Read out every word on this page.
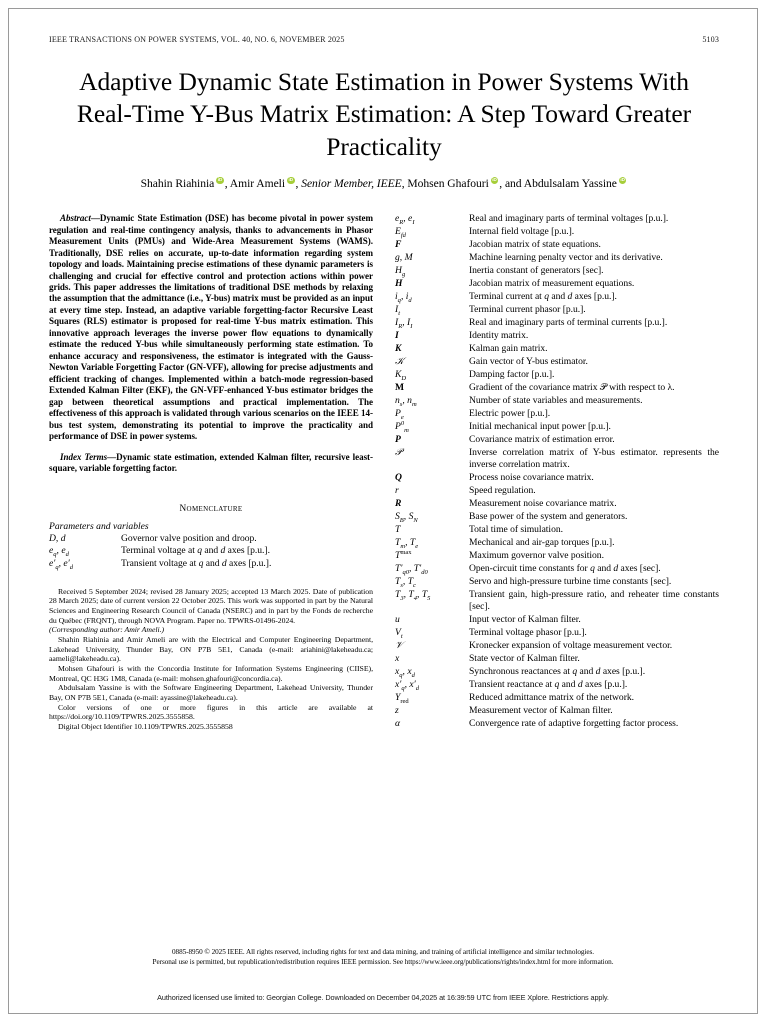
IEEE TRANSACTIONS ON POWER SYSTEMS, VOL. 40, NO. 6, NOVEMBER 2025	5103
Adaptive Dynamic State Estimation in Power Systems With Real-Time Y-Bus Matrix Estimation: A Step Toward Greater Practicality
Shahin Riahinia iD , Amir Ameli iD , Senior Member, IEEE, Mohsen Ghafouri iD , and Abdulsalam YassineiD

Abstract—Dynamic State Estimation (DSE) has become pivotal in power system regulation and real-time contingency analysis, thanks to advancements in Phasor Measurement Units (PMUs) and Wide-Area Measurement Systems (WAMS). Traditionally, DSE relies on accurate, up-to-date information regarding system topology and loads. Maintaining precise estimations of these dynamic parameters is challenging and crucial for effective control and protection actions within power grids. This paper addresses the limitations of traditional DSE methods by relaxing the assumption that the admittance (i.e., Y-bus) matrix must be provided as an input at every time step. Instead, an adaptive variable forgetting-factor Recursive Least Squares (RLS) estimator is proposed for real-time Y-bus matrix estimation. This innovative approach leverages the inverse power flow equations to dynamically estimate the reduced Y-bus while simultaneously performing state estimation. To enhance accuracy and responsiveness, the estimator is integrated with the Gauss-Newton Variable Forgetting Factor (GN-VFF), allowing for precise adjustments and efficient tracking of changes. Implemented within a batch-mode regression-based Extended Kalman Filter (EKF), the GN-VFF-enhanced Y-bus estimator bridges the gap between theoretical assumptions and practical implementation. The effectiveness of this approach is validated through various scenarios on the IEEE 14-bus test system, demonstrating its potential to improve the practicality and performance of DSE in power systems.

Index Terms—Dynamic state estimation, extended Kalman filter, recursive least-square, variable forgetting factor.

Nomenclature
Parameters and variables
D, d	Governor valve position and droop.
$e_q$, $e_d$	Terminal voltage at q and d axes [p.u.].
$e'_q$, $e'_d$	Transient voltage at q and d axes [p.u.].

Received 5 September 2024; revised 28 January 2025; accepted 13 March 2025. Date of publication 28 March 2025; date of current version 22 October 2025. This work was supported in part by the Natural Sciences and Engineering Research Council of Canada (NSERC) and in part by the Fonds de recherche du Québec (FRQNT), through NOVA Program. Paper no. TPWRS-01496-2024.

(Corresponding author: Amir Ameli.)

Shahin Riahinia and Amir Ameli are with the Electrical and Computer Engineering Department, Lakehead University, Thunder Bay, ON P7B 5E1, Canada (e-mail: ariahini@lakeheadu.ca; aameli@lakeheadu.ca).

Mohsen Ghafouri is with the Concordia Institute for Information Systems Engineering (CIISE), Montreal, QC H3G 1M8, Canada (e-mail: mohsen.ghafouri@concordia.ca).

Abdulsalam Yassine is with the Software Engineering Department, Lakehead University, Thunder Bay, ON P7B 5E1, Canada (e-mail: ayassine@lakeheadu.ca).

Color versions of one or more figures in this article are available at https://doi.org/10.1109/TPWRS.2025.3555858.

Digital Object Identifier 10.1109/TPWRS.2025.3555858

$e_R$, $e_I$	Real and imaginary parts of terminal voltages [p.u.].
$E_{fd}$	Internal field voltage [p.u.].
F	Jacobian matrix of state equations.
g, M	Machine learning penalty vector and its derivative.
$H_g$	Inertia constant of generators [sec].
H	Jacobian matrix of measurement equations.
$i_q$, $i_d$	Terminal current at q and d axes [p.u.].
$I_t$	Terminal current phasor [p.u.].
$I_R$, $I_I$	Real and imaginary parts of terminal currents [p.u.].
I	Identity matrix.
K	Kalman gain matrix.
𝒦	Gain vector of Y-bus estimator.
$K_D$	Damping factor [p.u.].
M	Gradient of the covariance matrix 𝒫 with respect to λ.
$n_s$, $n_m$	Number of state variables and measurements.
$P_e$	Electric power [p.u.].
$P^0_m$	Initial mechanical input power [p.u.].
P	Covariance matrix of estimation error.
𝒫	Inverse correlation matrix of Y-bus estimator. represents the inverse correlation matrix.
Q	Process noise covariance matrix.
r	Speed regulation.
R	Measurement noise covariance matrix.
$S_B$, $S_N$	Base power of the system and generators.
T	Total time of simulation.
$T_m$, $T_e$	Mechanical and air-gap torques [p.u.].
$T^{max}$	Maximum governor valve position.
$T'_{q0}$, $T'_{d0}$	Open-circuit time constants for q and d axes [sec].
$T_s$, $T_c$	Servo and high-pressure turbine time constants [sec].
$T_3$, $T_4$, $T_5$	Transient gain, high-pressure ratio, and reheater time constants [sec].
u	Input vector of Kalman filter.
$V_t$	Terminal voltage phasor [p.u.].
𝒱	Kronecker expansion of voltage measurement vector.
x	State vector of Kalman filter.
$x_q$, $x_d$	Synchronous reactances at q and d axes [p.u.].
$x'_q$, $x'_d$	Transient reactance at q and d axes [p.u.].
$Y_{red}$	Reduced admittance matrix of the network.
z	Measurement vector of Kalman filter.
α	Convergence rate of adaptive forgetting factor process.
0885-8950 © 2025 IEEE. All rights reserved, including rights for text and data mining, and training of artificial intelligence and similar technologies.
Personal use is permitted, but republication/redistribution requires IEEE permission. See https://www.ieee.org/publications/rights/index.html for more information.
Authorized licensed use limited to: Georgian College. Downloaded on December 04,2025 at 16:39:59 UTC from IEEE Xplore. Restrictions apply.
